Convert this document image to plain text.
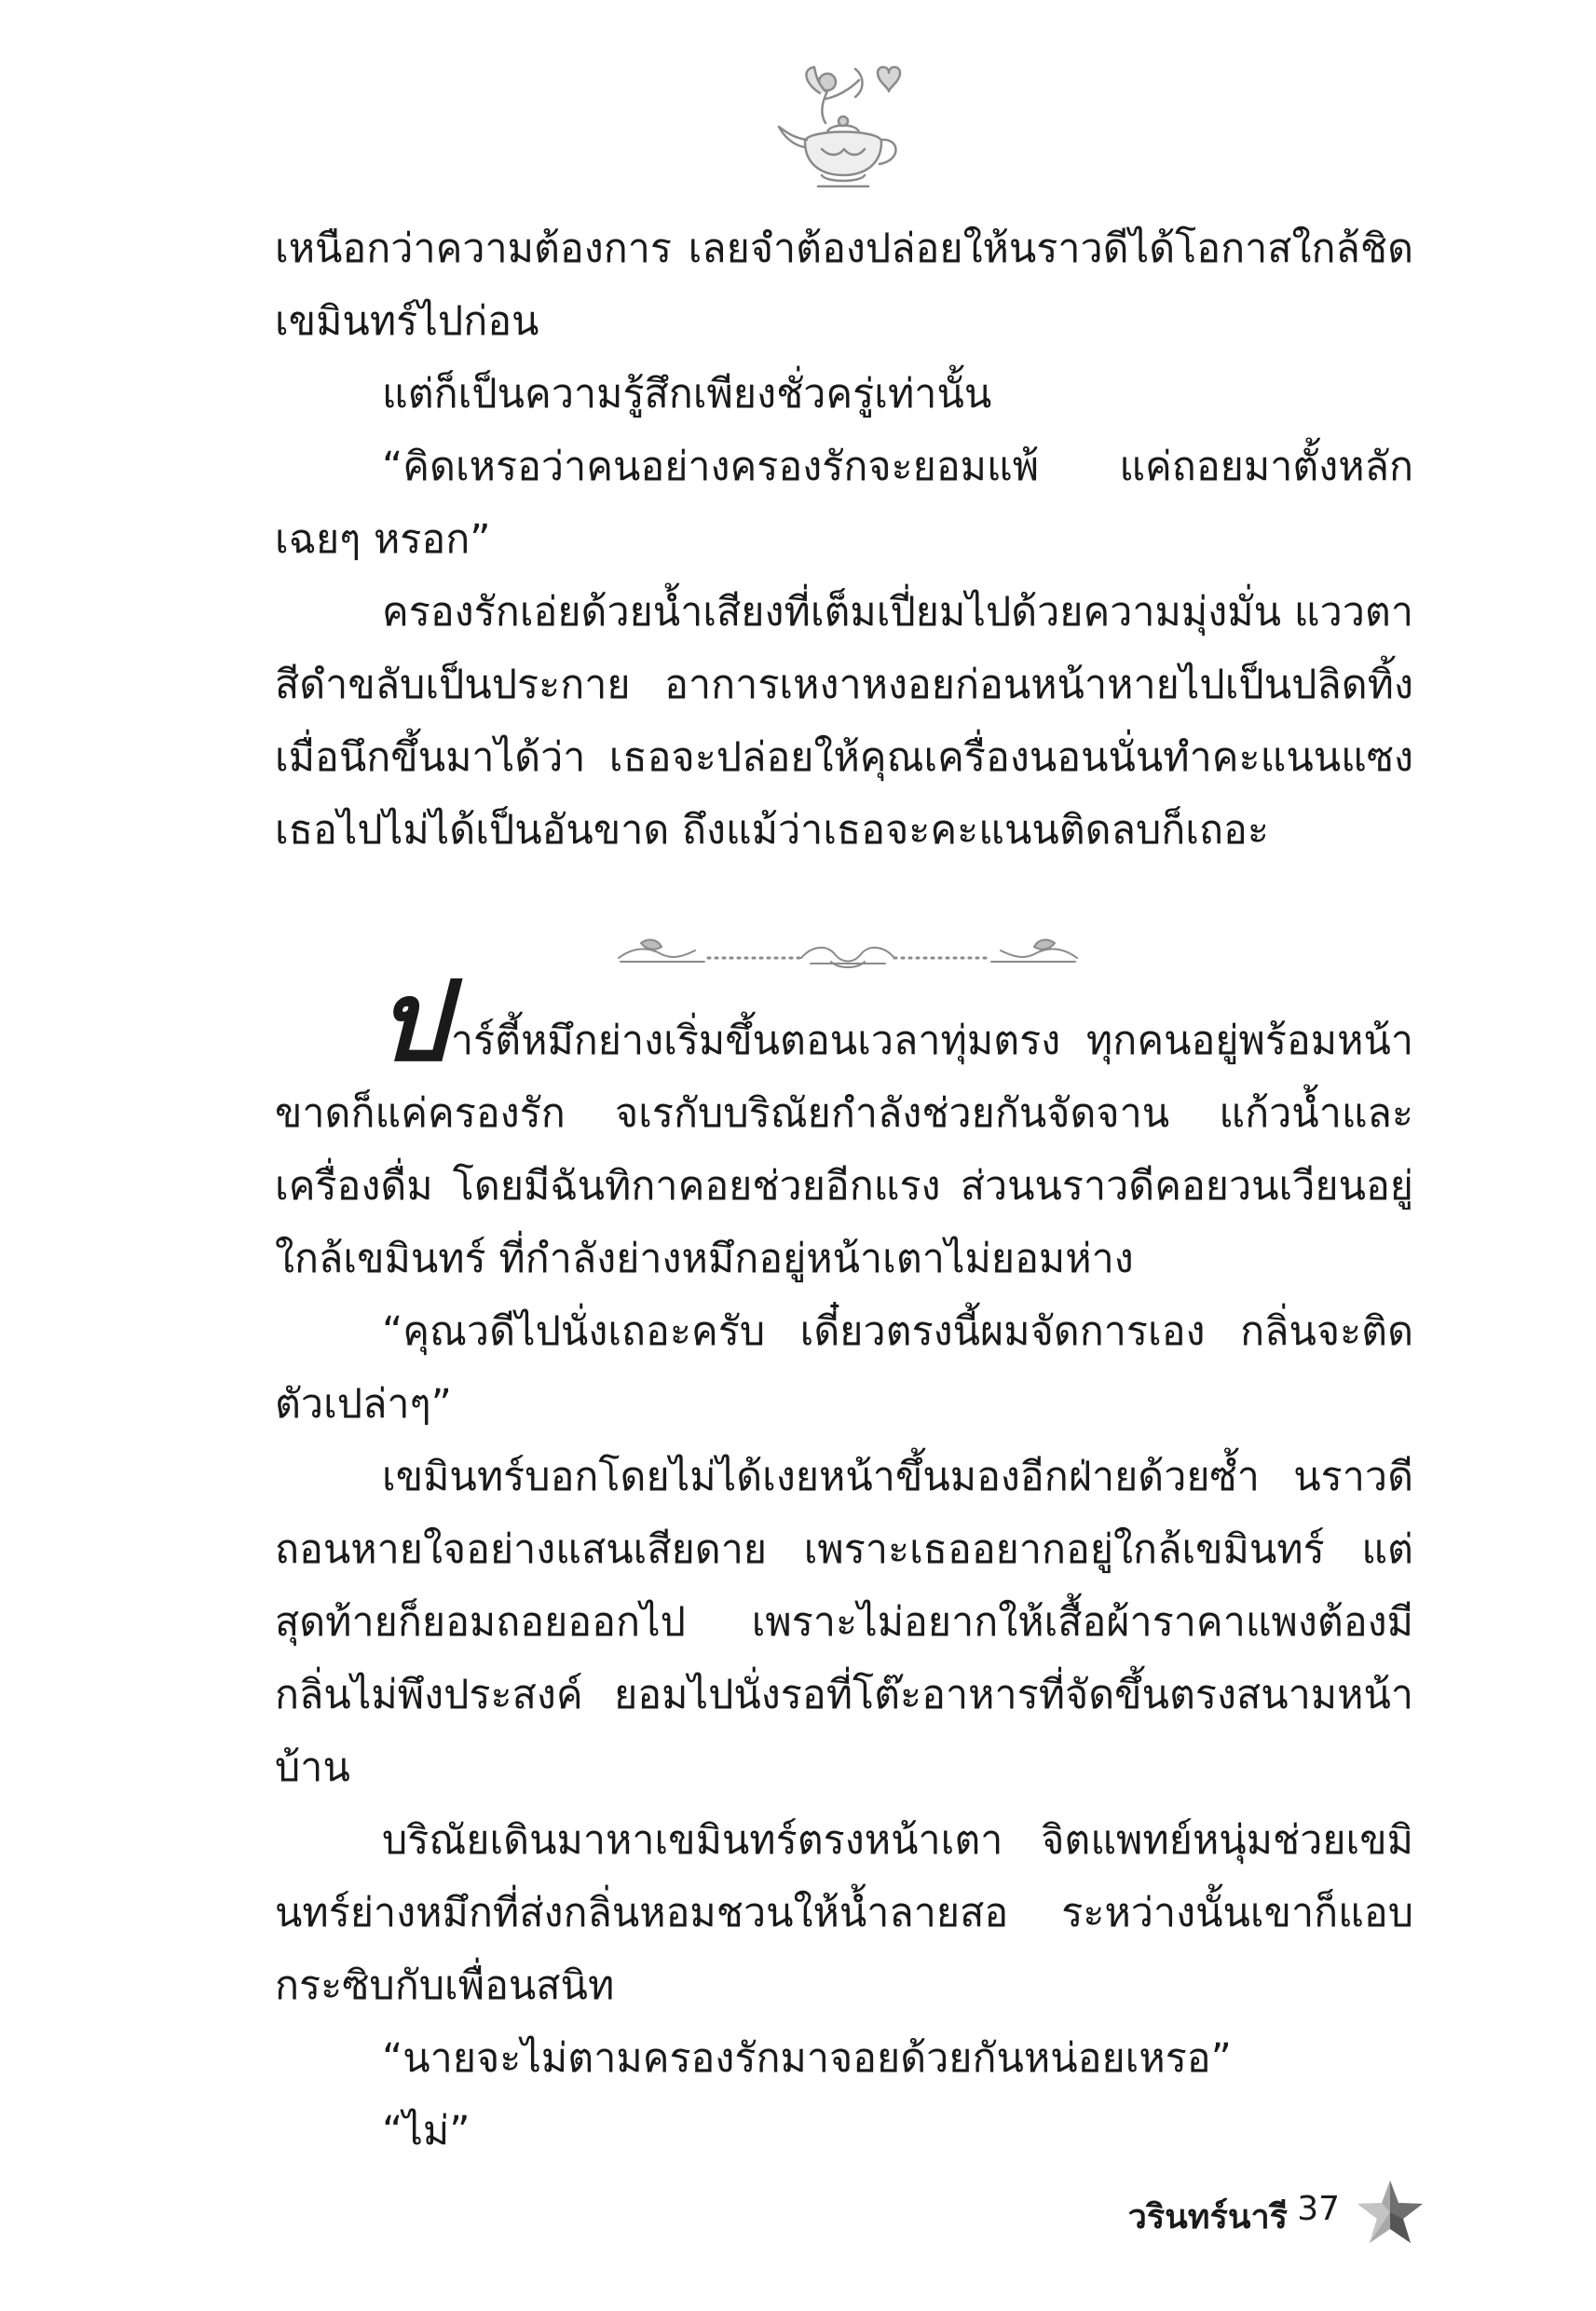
เหนือกว่าความต้องการ เลยจำต้องปล่อยให้นราวดีได้โอกาสใกล้ชิดเขมินทร์ไปก่อน

แต่ก็เป็นความรู้สึกเพียงชั่วครู่เท่านั้น

“คิดเหรอว่าคนอย่างครองรักจะยอมแพ้ แค่ถอยมาตั้งหลักเฉยๆ หรอก”

ครองรักเอ่ยด้วยน้ำเสียงที่เต็มเปี่ยมไปด้วยความมุ่งมั่น แววตาสีดำขลับเป็นประกาย อาการเหงาหงอยก่อนหน้าหายไปเป็นปลิดทิ้ง เมื่อนึกขึ้นมาได้ว่า เธอจะปล่อยให้คุณเครื่องนอนนั่นทำคะแนนแซงเธอไปไม่ได้เป็นอันขาด ถึงแม้ว่าเธอจะคะแนนติดลบก็เถอะ

ปาร์ตี้หมึกย่างเริ่มขึ้นตอนเวลาทุ่มตรง ทุกคนอยู่พร้อมหน้าขาดก็แค่ครองรัก จเรกับบริณัยกำลังช่วยกันจัดจาน แก้วน้ำและเครื่องดื่ม โดยมีฉันทิกาคอยช่วยอีกแรง ส่วนนราวดีคอยวนเวียนอยู่ใกล้เขมินทร์ ที่กำลังย่างหมึกอยู่หน้าเตาไม่ยอมห่าง

“คุณวดีไปนั่งเถอะครับ เดี๋ยวตรงนี้ผมจัดการเอง กลิ่นจะติดตัวเปล่าๆ”

เขมินทร์บอกโดยไม่ได้เงยหน้าขึ้นมองอีกฝ่ายด้วยซ้ำ นราวดีถอนหายใจอย่างแสนเสียดาย เพราะเธออยากอยู่ใกล้เขมินทร์ แต่สุดท้ายก็ยอมถอยออกไป เพราะไม่อยากให้เสื้อผ้าราคาแพงต้องมีกลิ่นไม่พึงประสงค์ ยอมไปนั่งรอที่โต๊ะอาหารที่จัดขึ้นตรงสนามหน้าบ้าน

บริณัยเดินมาหาเขมินทร์ตรงหน้าเตา จิตแพทย์หนุ่มช่วยเขมินทร์ย่างหมึกที่ส่งกลิ่นหอมชวนให้น้ำลายสอ ระหว่างนั้นเขาก็แอบกระซิบกับเพื่อนสนิท

“นายจะไม่ตามครองรักมาจอยด้วยกันหน่อยเหรอ”

“ไม่”

วรินทร์นารี 37
